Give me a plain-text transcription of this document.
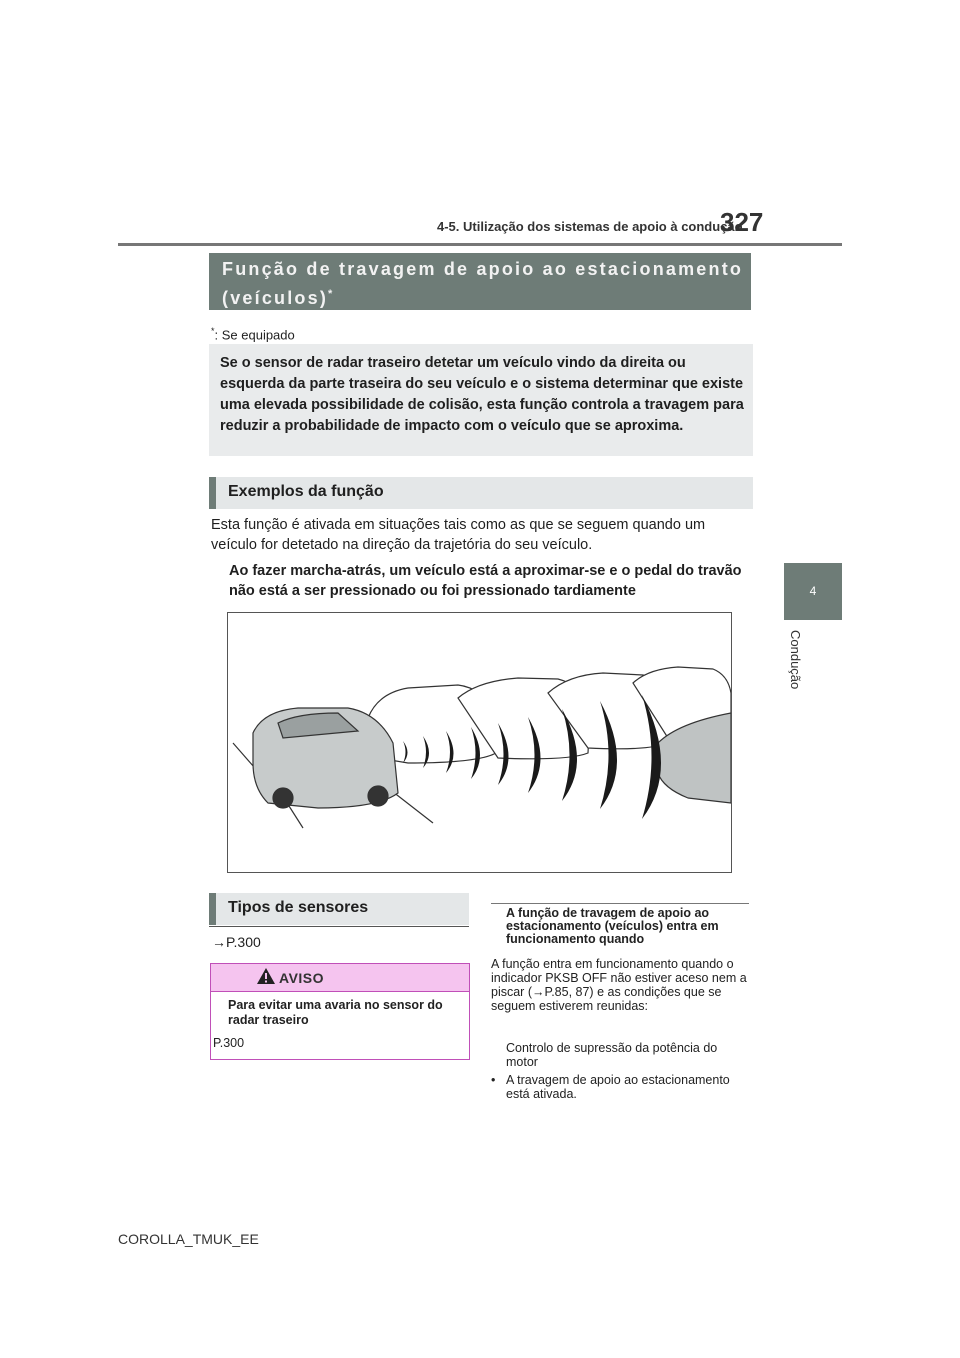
4-5. Utilização dos sistemas de apoio à condução
327
4
Condução
Função de travagem de apoio ao estacionamento (veículos)*
*: Se equipado
Se o sensor de radar traseiro detetar um veículo vindo da direita ou esquerda da parte traseira do seu veículo e o sistema determinar que existe uma elevada possibilidade de colisão, esta função controla a travagem para reduzir a probabilidade de impacto com o veículo que se aproxima.
Exemplos da função
Esta função é ativada em situações tais como as que se seguem quando um veículo for detetado na direção da trajetória do seu veículo.
Ao fazer marcha-atrás, um veículo está a aproximar-se e o pedal do travão não está a ser pressionado ou foi pressionado tardiamente
Tipos de sensores
→P.300
AVISO
Para evitar uma avaria no sensor do radar traseiro
P.300
A função de travagem de apoio ao estacionamento (veículos) entra em funcionamento quando
A função entra em funcionamento quando o indicador PKSB OFF não estiver aceso nem a piscar (→P.85, 87) e as condições que se seguem estiverem reunidas:
Controlo de supressão da potência do motor
• A travagem de apoio ao estacionamento está ativada.
COROLLA_TMUK_EE
